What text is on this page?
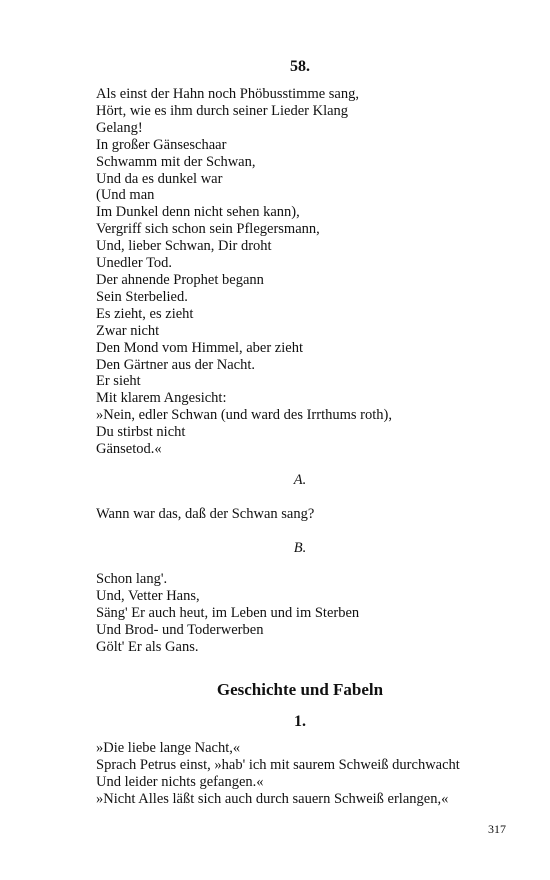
58.
Als einst der Hahn noch Phöbusstimme sang,
Hört, wie es ihm durch seiner Lieder Klang
Gelang!
In großer Gänseschaar
Schwamm mit der Schwan,
Und da es dunkel war
(Und man
Im Dunkel denn nicht sehen kann),
Vergriff sich schon sein Pflegersmann,
Und, lieber Schwan, Dir droht
Unedler Tod.
Der ahnende Prophet begann
Sein Sterbelied.
Es zieht, es zieht
Zwar nicht
Den Mond vom Himmel, aber zieht
Den Gärtner aus der Nacht.
Er sieht
Mit klarem Angesicht:
»Nein, edler Schwan (und ward des Irrthums roth),
Du stirbst nicht
Gänsetod.«
A.
Wann war das, daß der Schwan sang?
B.
Schon lang'.
Und, Vetter Hans,
Säng' Er auch heut, im Leben und im Sterben
Und Brod- und Toderwerben
Gölt' Er als Gans.
Geschichte und Fabeln
1.
»Die liebe lange Nacht,«
Sprach Petrus einst, »hab' ich mit saurem Schweiß durchwacht
Und leider nichts gefangen.«
»Nicht Alles läßt sich auch durch sauern Schweiß erlangen,«
317
